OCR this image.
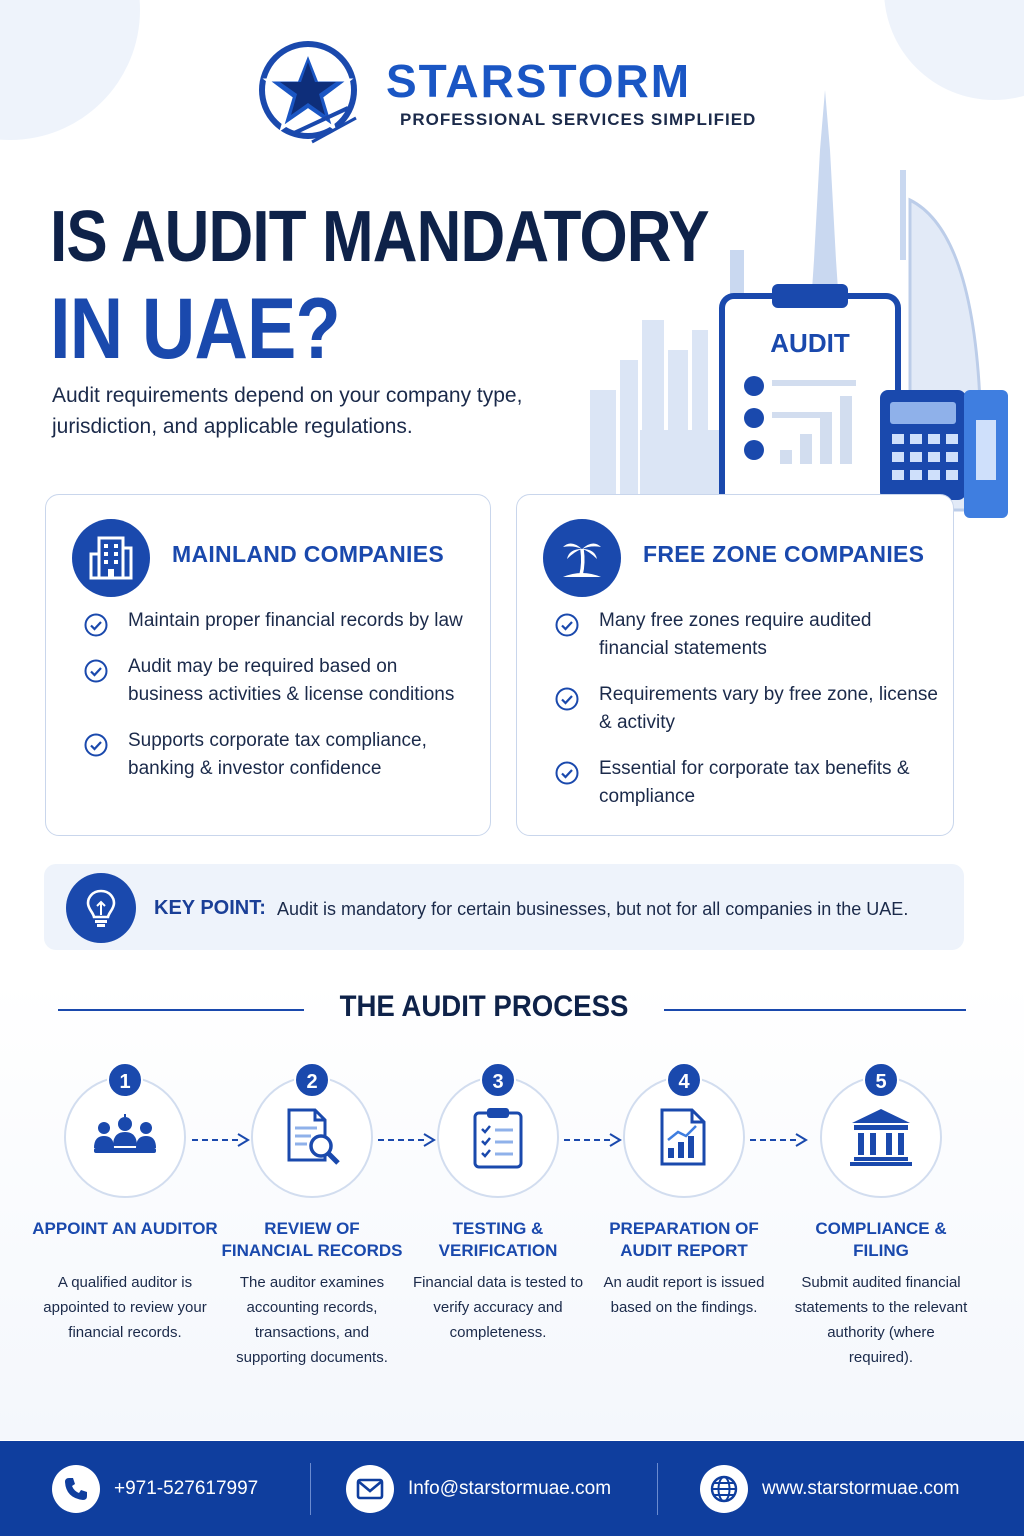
STARSTORM
PROFESSIONAL SERVICES SIMPLIFIED
AUDIT
IS AUDIT MANDATORY
IN UAE?
Audit requirements depend on your company type, jurisdiction, and applicable regulations.
MAINLAND COMPANIES
Maintain proper financial records by law
Audit may be required based on business activities & license conditions
Supports corporate tax compliance, banking & investor confidence
FREE ZONE COMPANIES
Many free zones require audited financial statements
Requirements vary by free zone, license & activity
Essential for corporate tax benefits & compliance
KEY POINT: Audit is mandatory for certain businesses, but not for all companies in the UAE.
THE AUDIT PROCESS
1
APPOINT AN AUDITOR
A qualified auditor is appointed to review your financial records.
2
REVIEW OF FINANCIAL RECORDS
The auditor examines accounting records, transactions, and supporting documents.
3
TESTING & VERIFICATION
Financial data is tested to verify accuracy and completeness.
4
PREPARATION OF AUDIT REPORT
An audit report is issued based on the findings.
5
COMPLIANCE & FILING
Submit audited financial statements to the relevant authority (where required).
+971-527617997	Info@starstormuae.com	www.starstormuae.com
